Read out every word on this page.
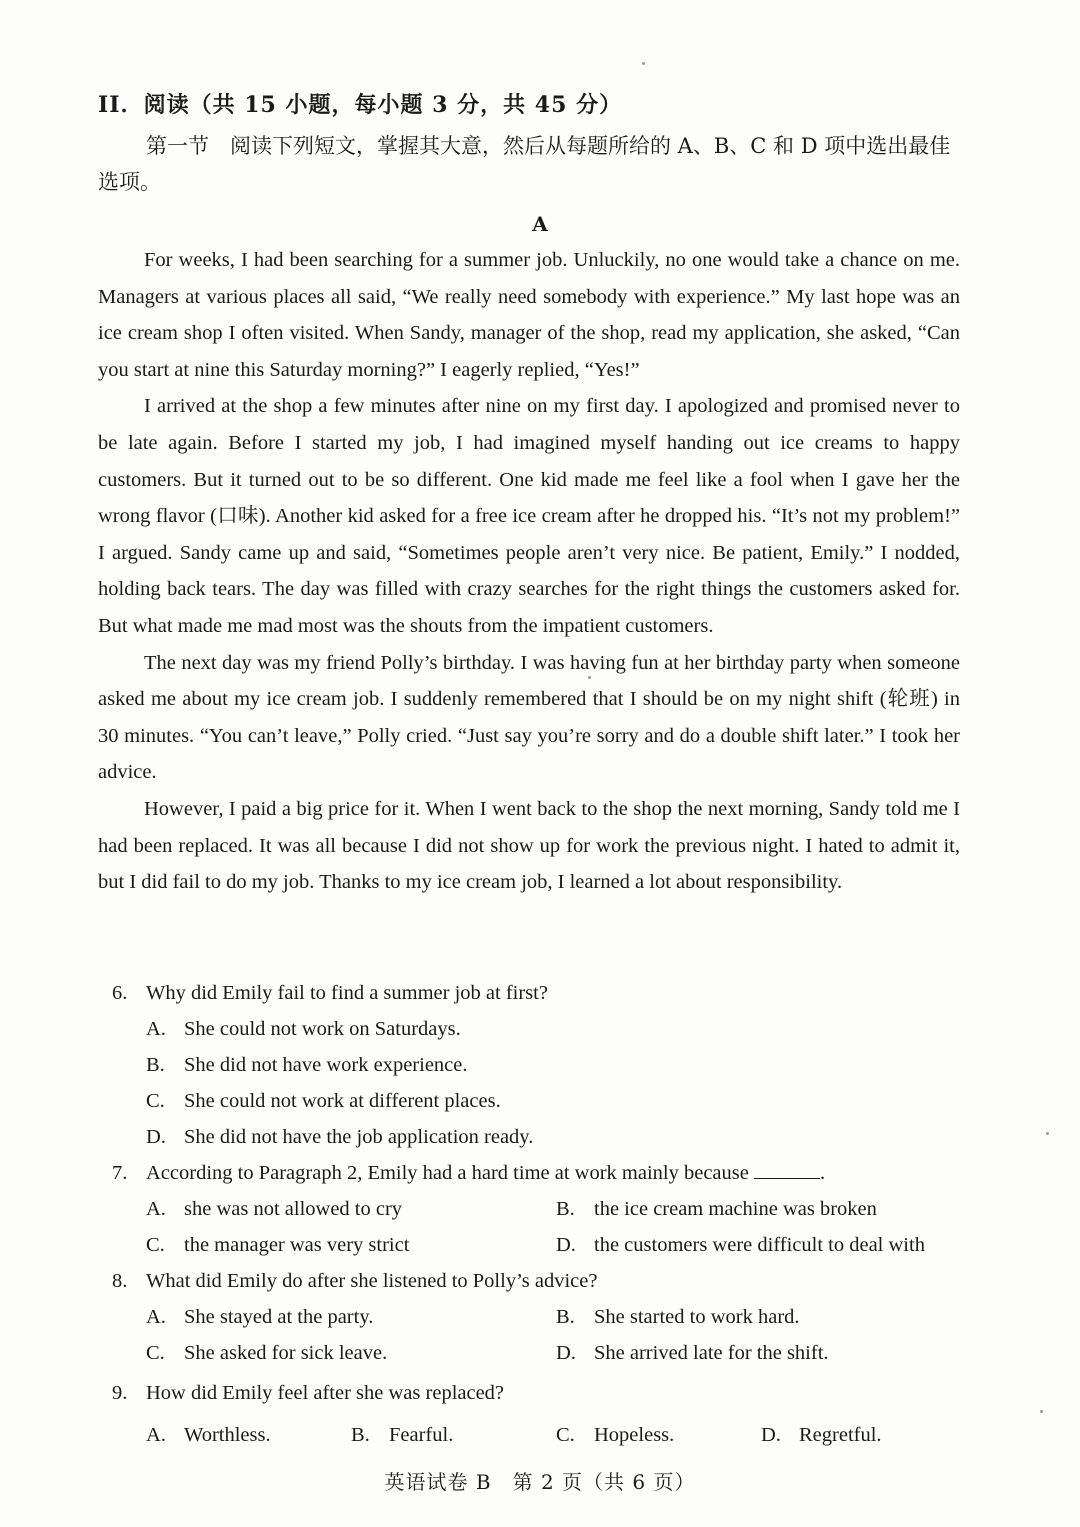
II．阅读（共 15 小题，每小题 3 分，共 45 分）
第一节　阅读下列短文，掌握其大意，然后从每题所给的 A、B、C 和 D 项中选出最佳选项。
A

For weeks, I had been searching for a summer job. Unluckily, no one would take a chance on me. Managers at various places all said, “We really need somebody with experience.” My last hope was an ice cream shop I often visited. When Sandy, manager of the shop, read my application, she asked, “Can you start at nine this Saturday morning?” I eagerly replied, “Yes!”

I arrived at the shop a few minutes after nine on my first day. I apologized and promised never to be late again. Before I started my job, I had imagined myself handing out ice creams to happy customers. But it turned out to be so different. One kid made me feel like a fool when I gave her the wrong flavor (口味). Another kid asked for a free ice cream after he dropped his. “It’s not my problem!” I argued. Sandy came up and said, “Sometimes people aren’t very nice. Be patient, Emily.” I nodded, holding back tears. The day was filled with crazy searches for the right things the customers asked for. But what made me mad most was the shouts from the impatient customers.

The next day was my friend Polly’s birthday. I was having fun at her birthday party when someone asked me about my ice cream job. I suddenly remembered that I should be on my night shift (轮班) in 30 minutes. “You can’t leave,” Polly cried. “Just say you’re sorry and do a double shift later.” I took her advice.

However, I paid a big price for it. When I went back to the shop the next morning, Sandy told me I had been replaced. It was all because I did not show up for work the previous night. I hated to admit it, but I did fail to do my job. Thanks to my ice cream job, I learned a lot about responsibility.

6. Why did Emily fail to find a summer job at first?
A. She could not work on Saturdays.
B. She did not have work experience.
C. She could not work at different places.
D. She did not have the job application ready.
7. According to Paragraph 2, Emily had a hard time at work mainly because	.
A. she was not allowed to cry	B. the ice cream machine was broken
C. the manager was very strict	D. the customers were difficult to deal with
8. What did Emily do after she listened to Polly’s advice?
A. She stayed at the party.	B. She started to work hard.
C. She asked for sick leave.	D. She arrived late for the shift.
9. How did Emily feel after she was replaced?
A. Worthless.	B. Fearful.	C. Hopeless.	D. Regretful.
英语试卷 B　第 2 页（共 6 页）
